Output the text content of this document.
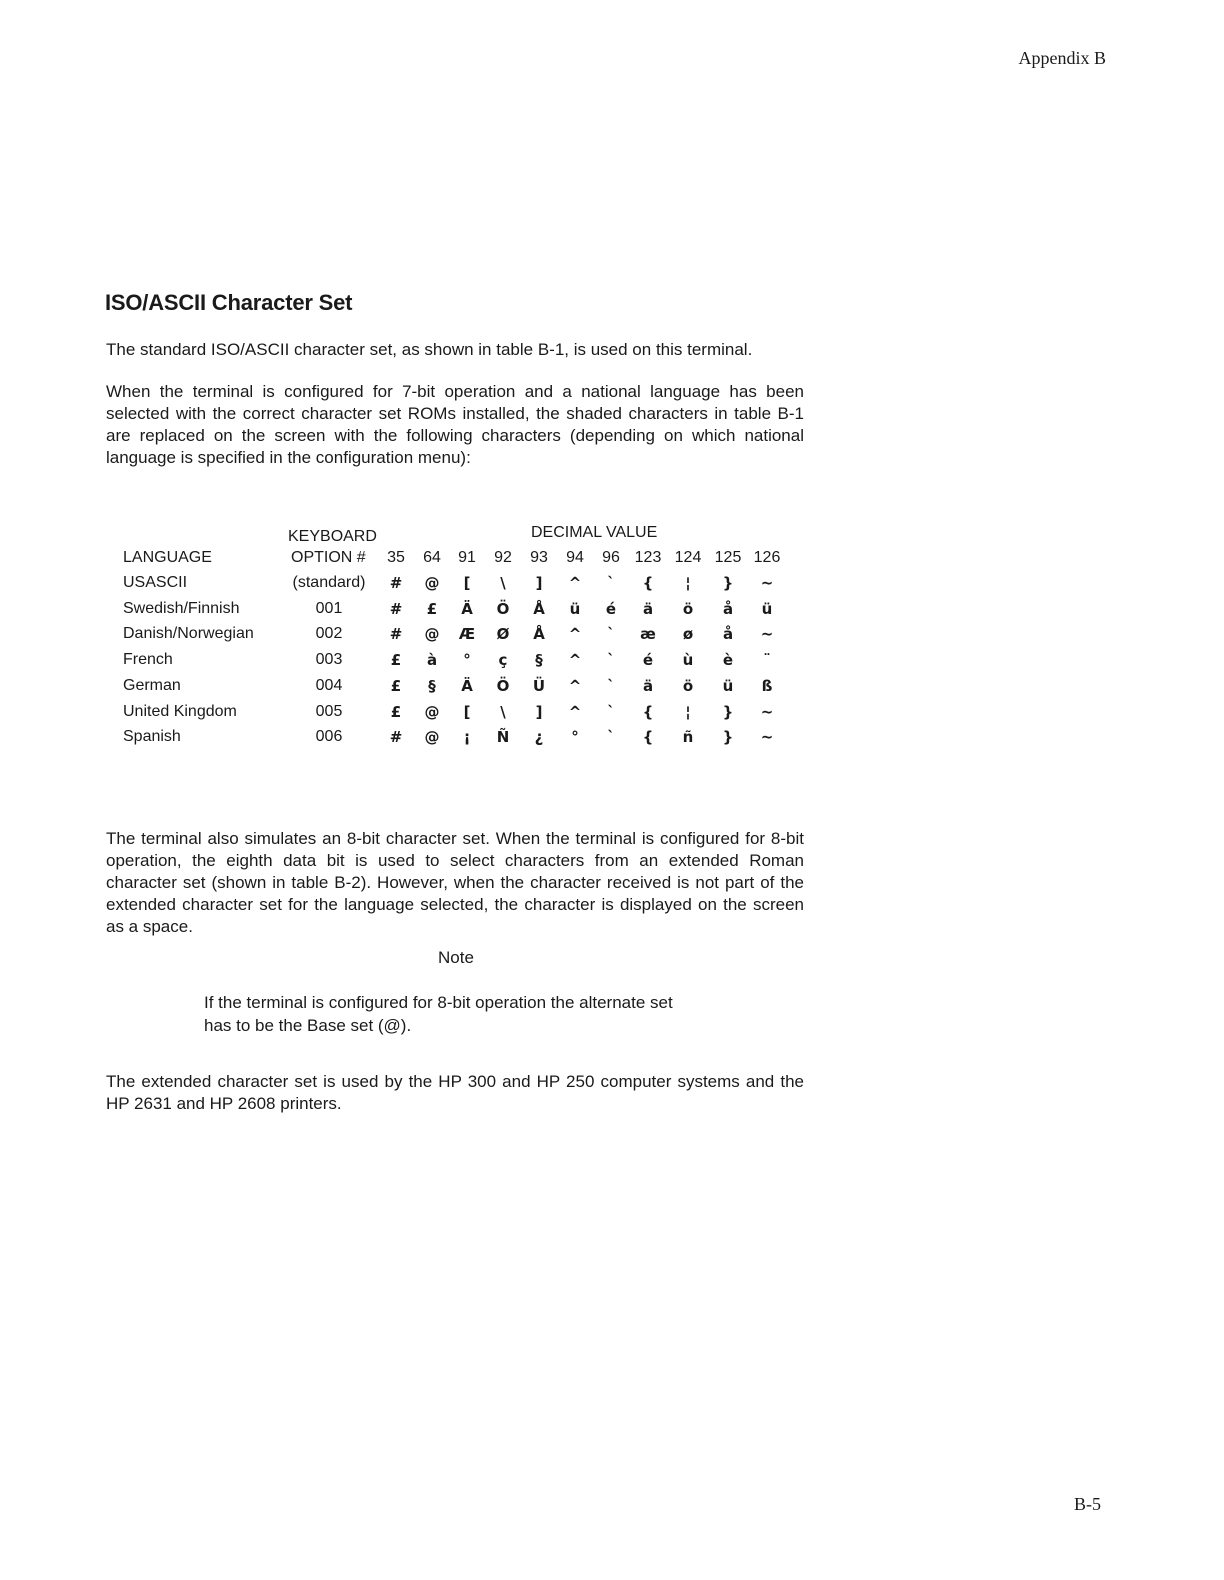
Appendix B
ISO/ASCII Character Set

The standard ISO/ASCII character set, as shown in table B-1, is used on this terminal.

When the terminal is configured for 7-bit operation and a national language has been selected with the correct character set ROMs installed, the shaded characters in table B-1 are replaced on the screen with the following characters (depending on which national language is specified in the configuration menu):

KEYBOARD	DECIMAL VALUE
LANGUAGE	OPTION #	35	64	91	92	93	94	96 123 124 125 126
USASCII	(standard)	#	@	[	\	]	^	`	{	¦	}	~
Swedish/Finnish	001	#	£	Ä	Ö	Å	ü	é	ä	ö	å	ü
Danish/Norwegian	002	#	@	Æ	Ø	Å	^	`	æ	ø	å	~
French	003	£	à	°	ç	§	^	`	é	ù	è	¨
German	004	£	§	Ä	Ö	Ü	^	`	ä	ö	ü	ß
United Kingdom	005	£	@	[	\	]	^	`	{	¦	}	~
Spanish	006	#	@	¡	Ñ	¿	°	`	{	ñ	}	~

The terminal also simulates an 8-bit character set. When the terminal is configured for 8-bit operation, the eighth data bit is used to select characters from an extended Roman character set (shown in table B-2). However, when the character received is not part of the extended character set for the language selected, the character is displayed on the screen as a space.

Note
If the terminal is configured for 8-bit operation the alternate set
has to be the Base set (@).

The extended character set is used by the HP 300 and HP 250 computer systems and the HP 2631 and HP 2608 printers.

B-5
